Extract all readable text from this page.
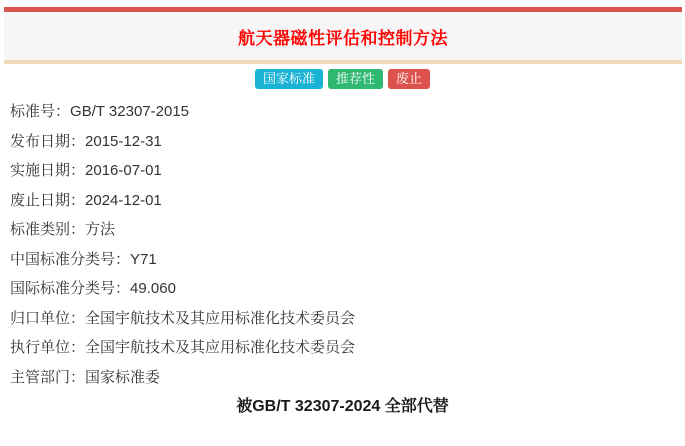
航天器磁性评估和控制方法
国家标准	推荐性	废止
标准号：GB/T 32307-2015
发布日期：2015-12-31
实施日期：2016-07-01
废止日期：2024-12-01
标准类别：方法
中国标准分类号：Y71
国际标准分类号：49.060
归口单位：全国宇航技术及其应用标准化技术委员会
执行单位：全国宇航技术及其应用标准化技术委员会
主管部门：国家标准委
被GB/T 32307-2024 全部代替
